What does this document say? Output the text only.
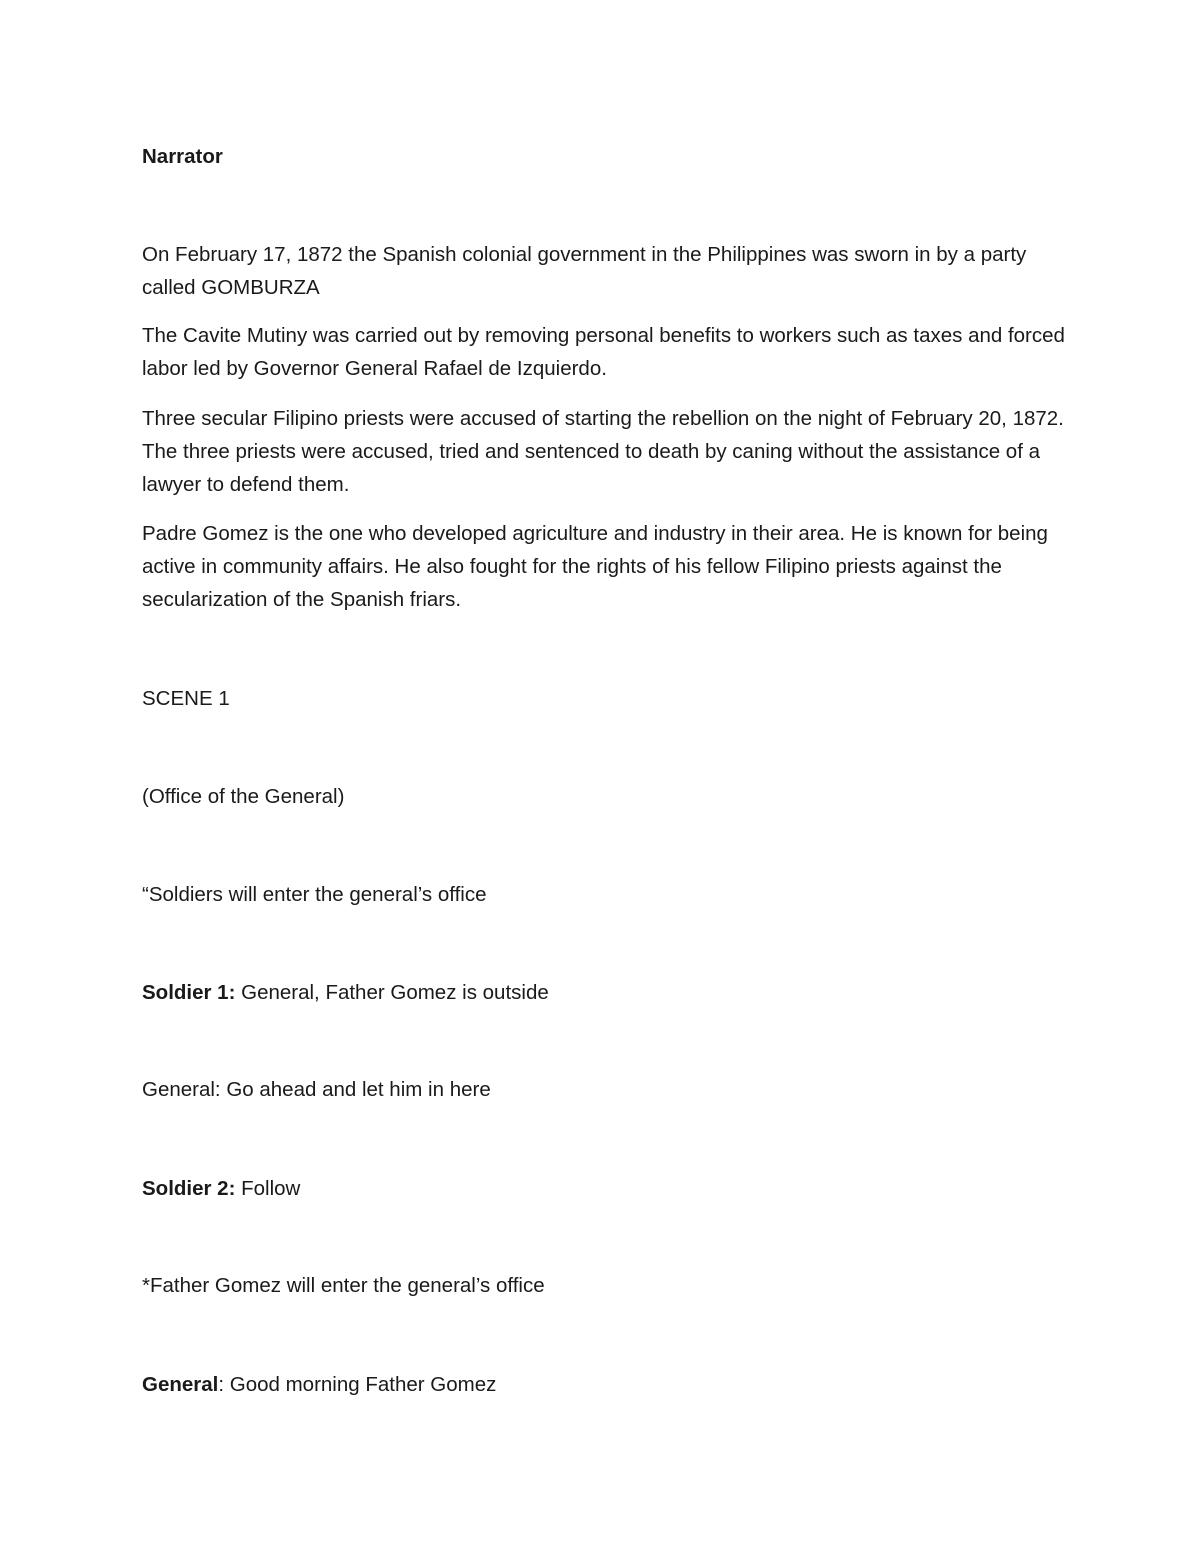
Narrator

On February 17, 1872 the Spanish colonial government in the Philippines was sworn in by a party called GOMBURZA

The Cavite Mutiny was carried out by removing personal benefits to workers such as taxes and forced labor led by Governor General Rafael de Izquierdo.

Three secular Filipino priests were accused of starting the rebellion on the night of February 20, 1872. The three priests were accused, tried and sentenced to death by caning without the assistance of a lawyer to defend them.

Padre Gomez is the one who developed agriculture and industry in their area. He is known for being active in community affairs. He also fought for the rights of his fellow Filipino priests against the secularization of the Spanish friars.

SCENE 1

(Office of the General)

“Soldiers will enter the general’s office

Soldier 1: General, Father Gomez is outside

General: Go ahead and let him in here

Soldier 2: Follow

*Father Gomez will enter the general’s office

General: Good morning Father Gomez
